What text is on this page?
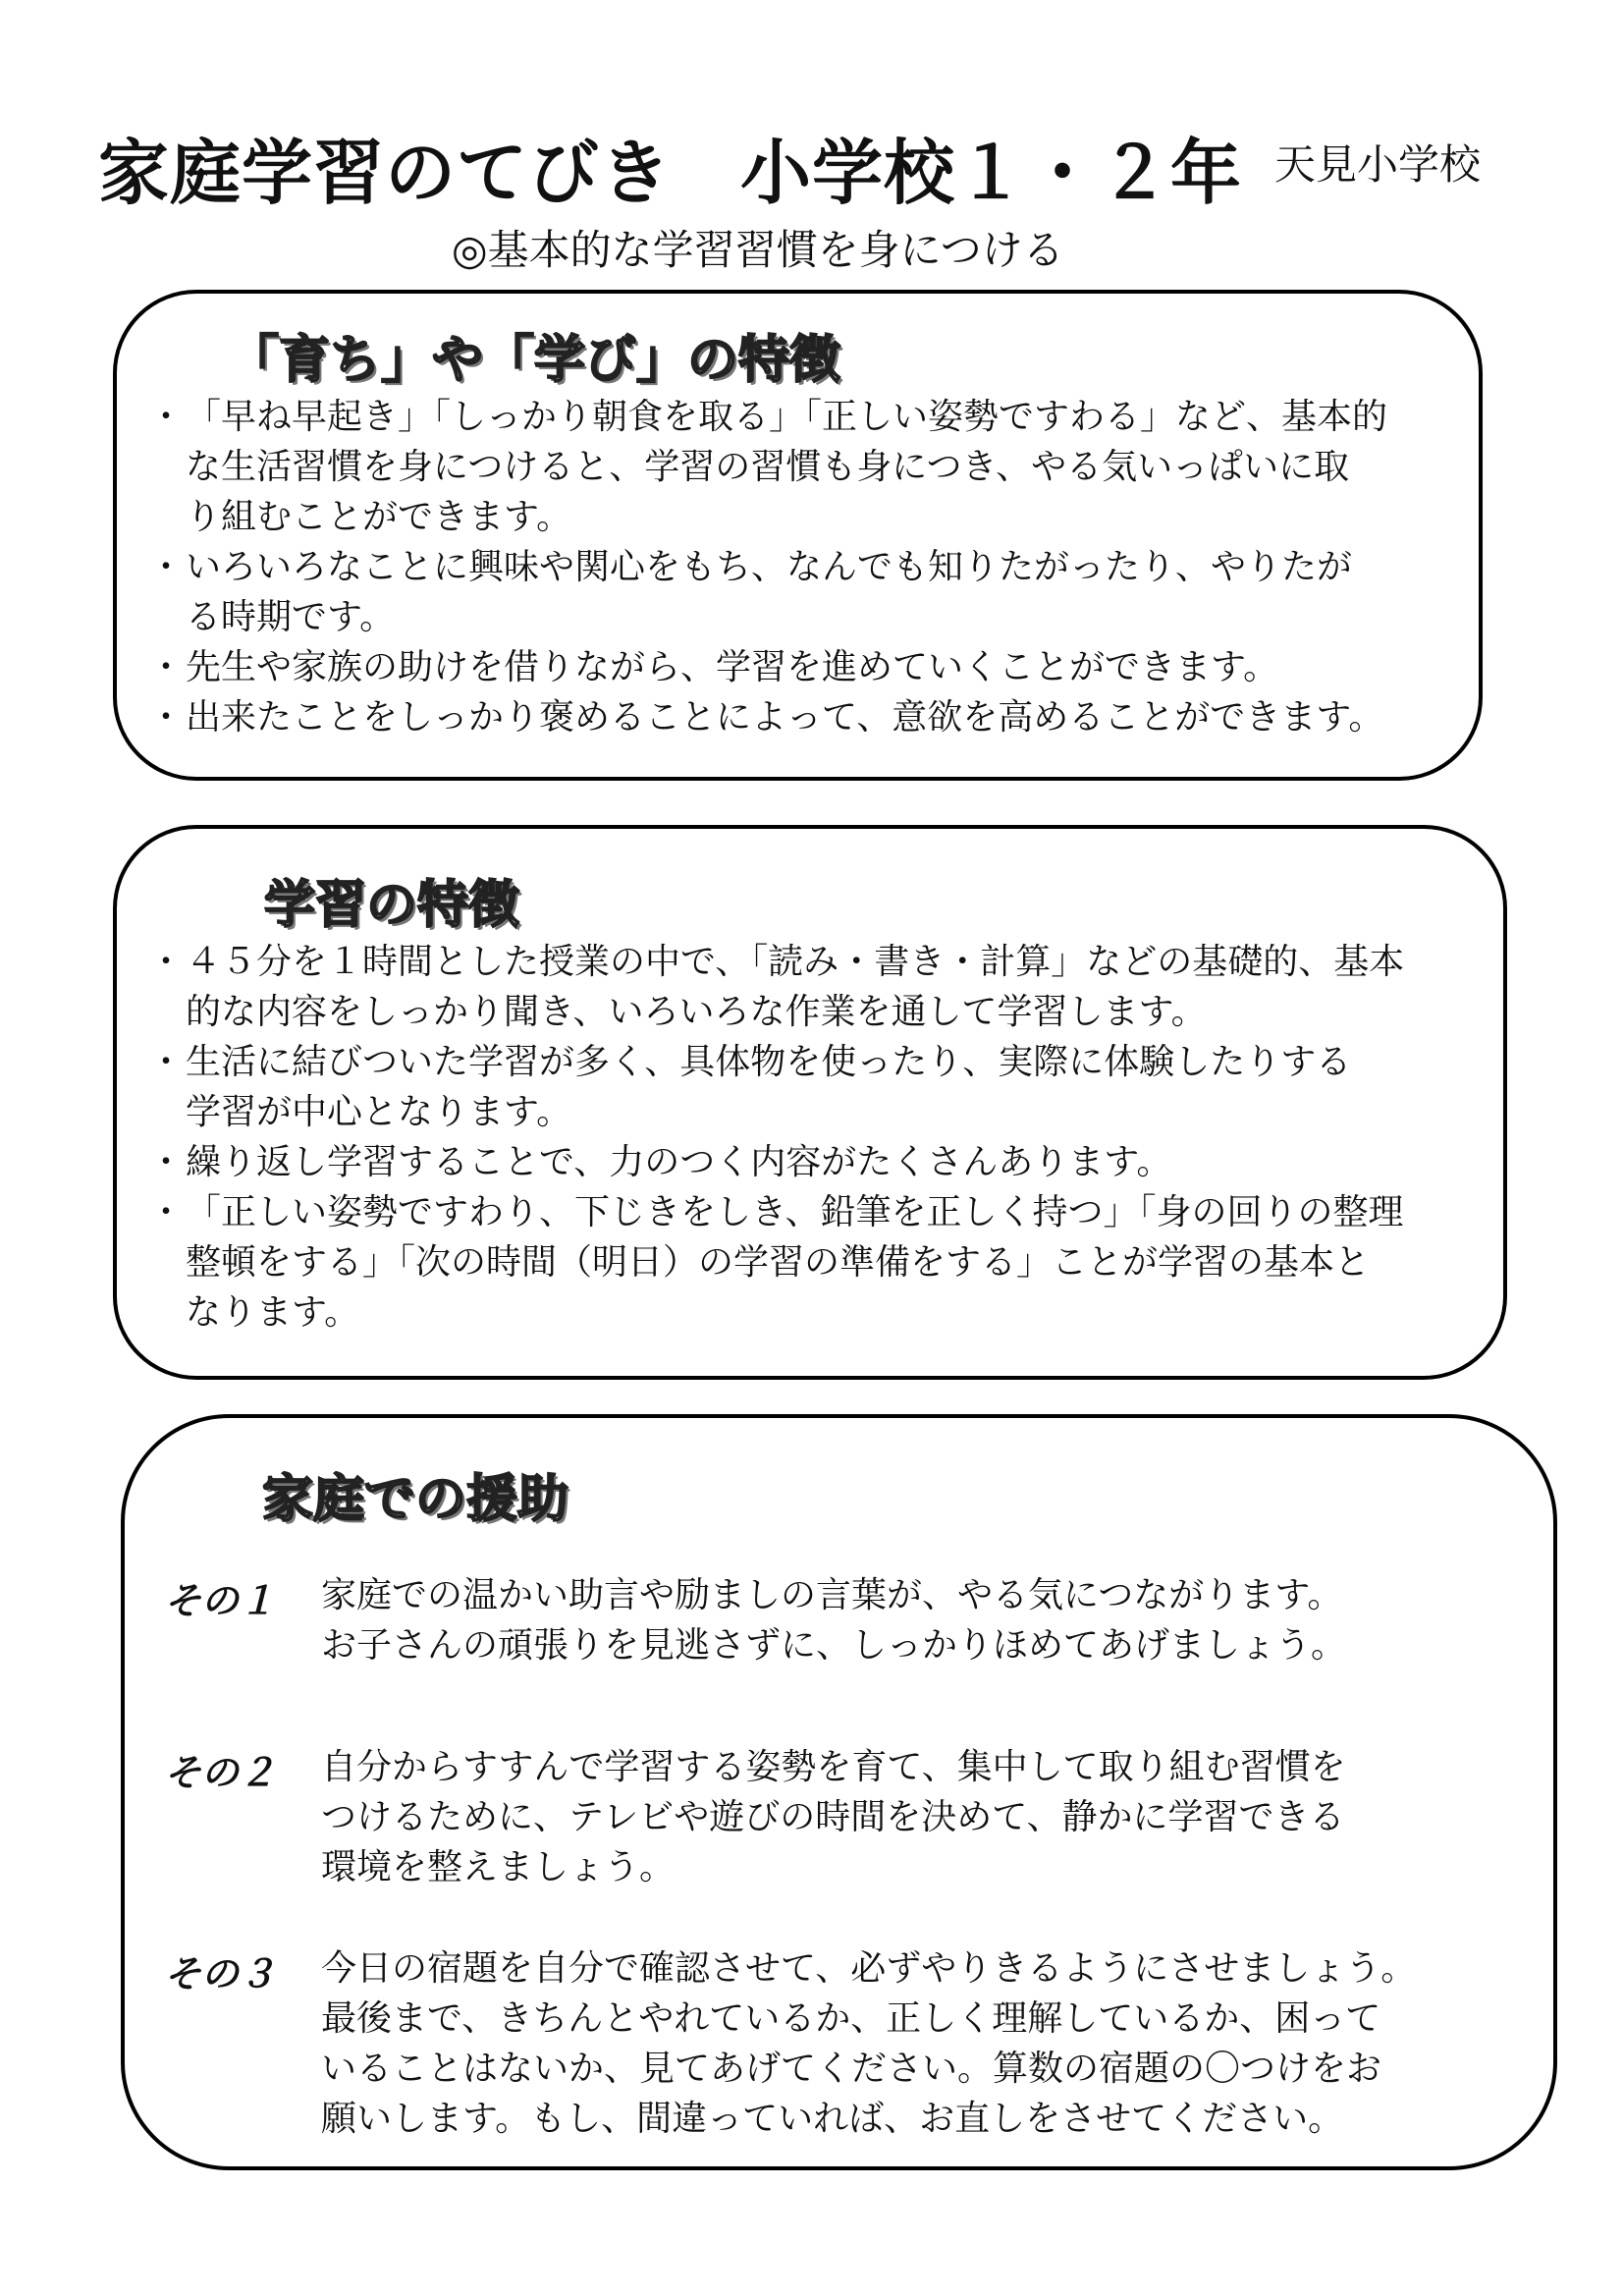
家庭学習のてびき 小学校１・２年 天見小学校
◎基本的な学習習慣を身につける
「育ち」や「学び」の特徴
・ 「早ね早起き」「しっかり朝食を取る」「正しい姿勢ですわる」など、基本的
な生活習慣を身につけると、学習の習慣も身につき、やる気いっぱいに取
り組むことができます。
・ いろいろなことに興味や関心をもち、なんでも知りたがったり、やりたが
る時期です。
・ 先生や家族の助けを借りながら、学習を進めていくことができます。
・ 出来たことをしっかり褒めることによって、意欲を高めることができます。
学習の特徴
・ ４５分を１時間とした授業の中で、「読み・書き・計算」などの基礎的、基本
的な内容をしっかり聞き、いろいろな作業を通して学習します。
・ 生活に結びついた学習が多く、具体物を使ったり、実際に体験したりする
学習が中心となります。
・ 繰り返し学習することで、力のつく内容がたくさんあります。
・ 「正しい姿勢ですわり、下じきをしき、鉛筆を正しく持つ」「身の回りの整理
整頓をする」「次の時間（明日）の学習の準備をする」ことが学習の基本と
なります。
家庭での援助
その１ 家庭での温かい助言や励ましの言葉が、やる気につながります。
お子さんの頑張りを見逃さずに、しっかりほめてあげましょう。
その２ 自分からすすんで学習する姿勢を育て、集中して取り組む習慣を
つけるために、テレビや遊びの時間を決めて、静かに学習できる
環境を整えましょう。
その３ 今日の宿題を自分で確認させて、必ずやりきるようにさせましょう。
最後まで、きちんとやれているか、正しく理解しているか、困って
いることはないか、見てあげてください。算数の宿題の〇つけをお
願いします。もし、間違っていれば、お直しをさせてください。
